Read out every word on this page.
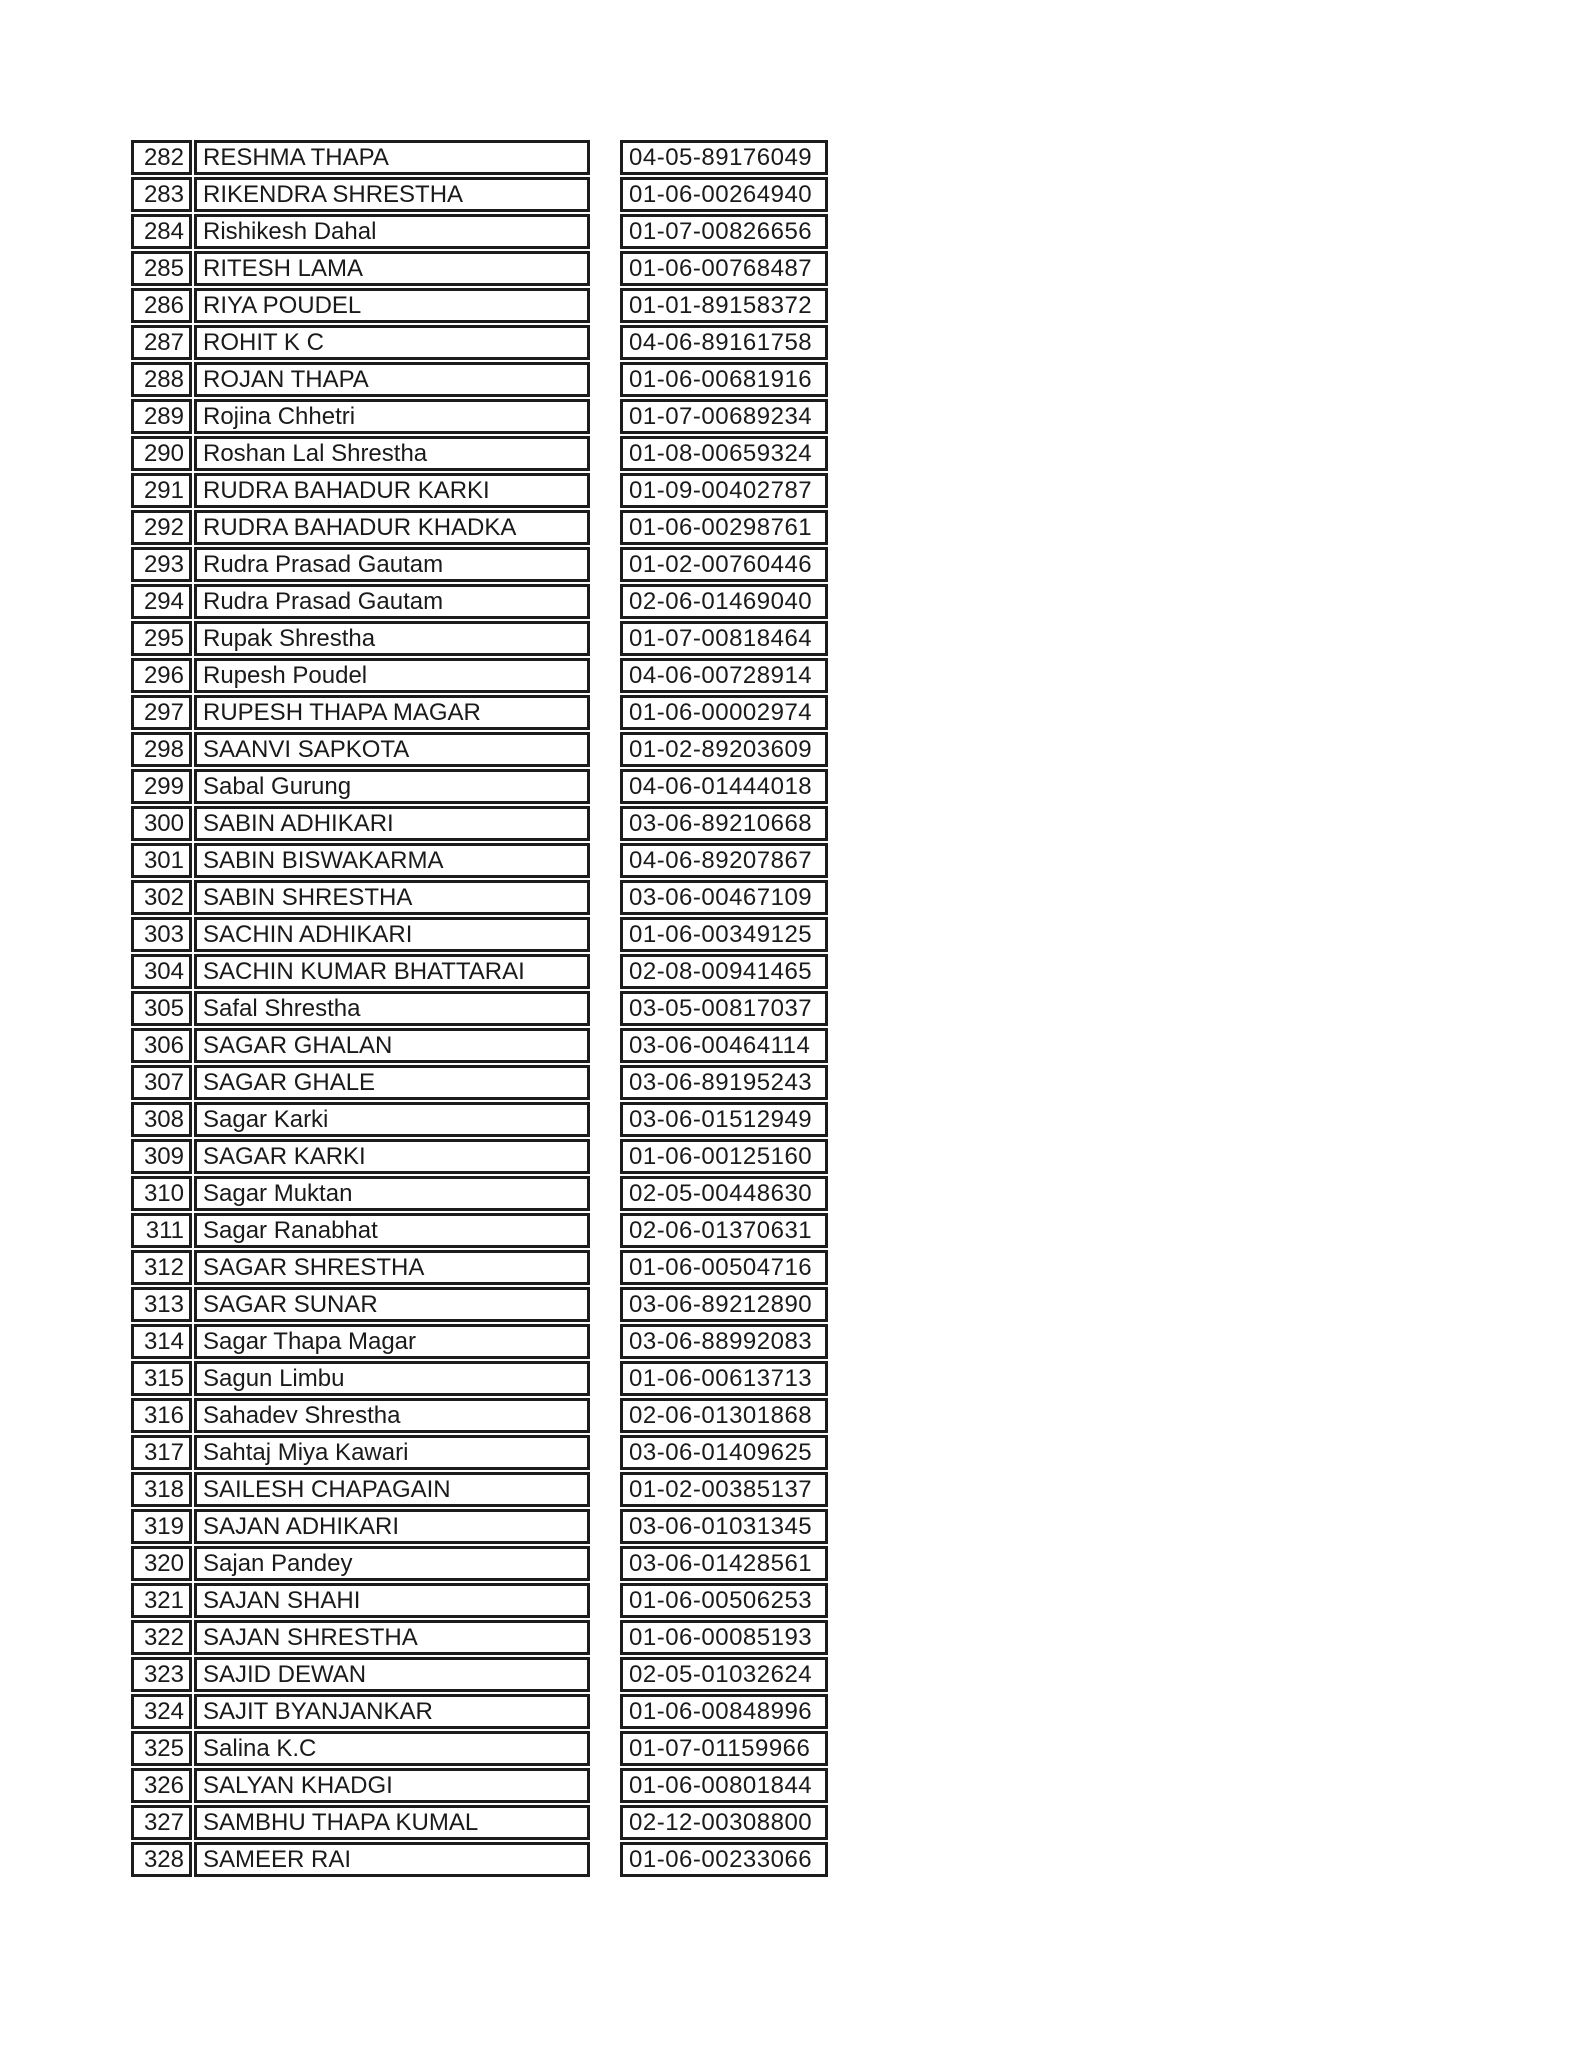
282 RESHMA THAPA	04-05-89176049
283 RIKENDRA SHRESTHA	01-06-00264940
284 Rishikesh Dahal	01-07-00826656
285 RITESH LAMA	01-06-00768487
286 RIYA POUDEL	01-01-89158372
287 ROHIT K C	04-06-89161758
288 ROJAN THAPA	01-06-00681916
289 Rojina Chhetri	01-07-00689234
290 Roshan Lal Shrestha	01-08-00659324
291 RUDRA BAHADUR KARKI	01-09-00402787
292 RUDRA BAHADUR KHADKA	01-06-00298761
293 Rudra Prasad Gautam	01-02-00760446
294 Rudra Prasad Gautam	02-06-01469040
295 Rupak Shrestha	01-07-00818464
296 Rupesh Poudel	04-06-00728914
297 RUPESH THAPA MAGAR	01-06-00002974
298 SAANVI SAPKOTA	01-02-89203609
299 Sabal Gurung	04-06-01444018
300 SABIN ADHIKARI	03-06-89210668
301 SABIN BISWAKARMA	04-06-89207867
302 SABIN SHRESTHA	03-06-00467109
303 SACHIN ADHIKARI	01-06-00349125
304 SACHIN KUMAR BHATTARAI	02-08-00941465
305 Safal Shrestha	03-05-00817037
306 SAGAR GHALAN	03-06-00464114
307 SAGAR GHALE	03-06-89195243
308 Sagar Karki	03-06-01512949
309 SAGAR KARKI	01-06-00125160
310 Sagar Muktan	02-05-00448630
311 Sagar Ranabhat	02-06-01370631
312 SAGAR SHRESTHA	01-06-00504716
313 SAGAR SUNAR	03-06-89212890
314 Sagar Thapa Magar	03-06-88992083
315 Sagun Limbu	01-06-00613713
316 Sahadev Shrestha	02-06-01301868
317 Sahtaj Miya Kawari	03-06-01409625
318 SAILESH CHAPAGAIN	01-02-00385137
319 SAJAN ADHIKARI	03-06-01031345
320 Sajan Pandey	03-06-01428561
321 SAJAN SHAHI	01-06-00506253
322 SAJAN SHRESTHA	01-06-00085193
323 SAJID DEWAN	02-05-01032624
324 SAJIT BYANJANKAR	01-06-00848996
325 Salina K.C	01-07-01159966
326 SALYAN KHADGI	01-06-00801844
327 SAMBHU THAPA KUMAL	02-12-00308800
328 SAMEER RAI	01-06-00233066
